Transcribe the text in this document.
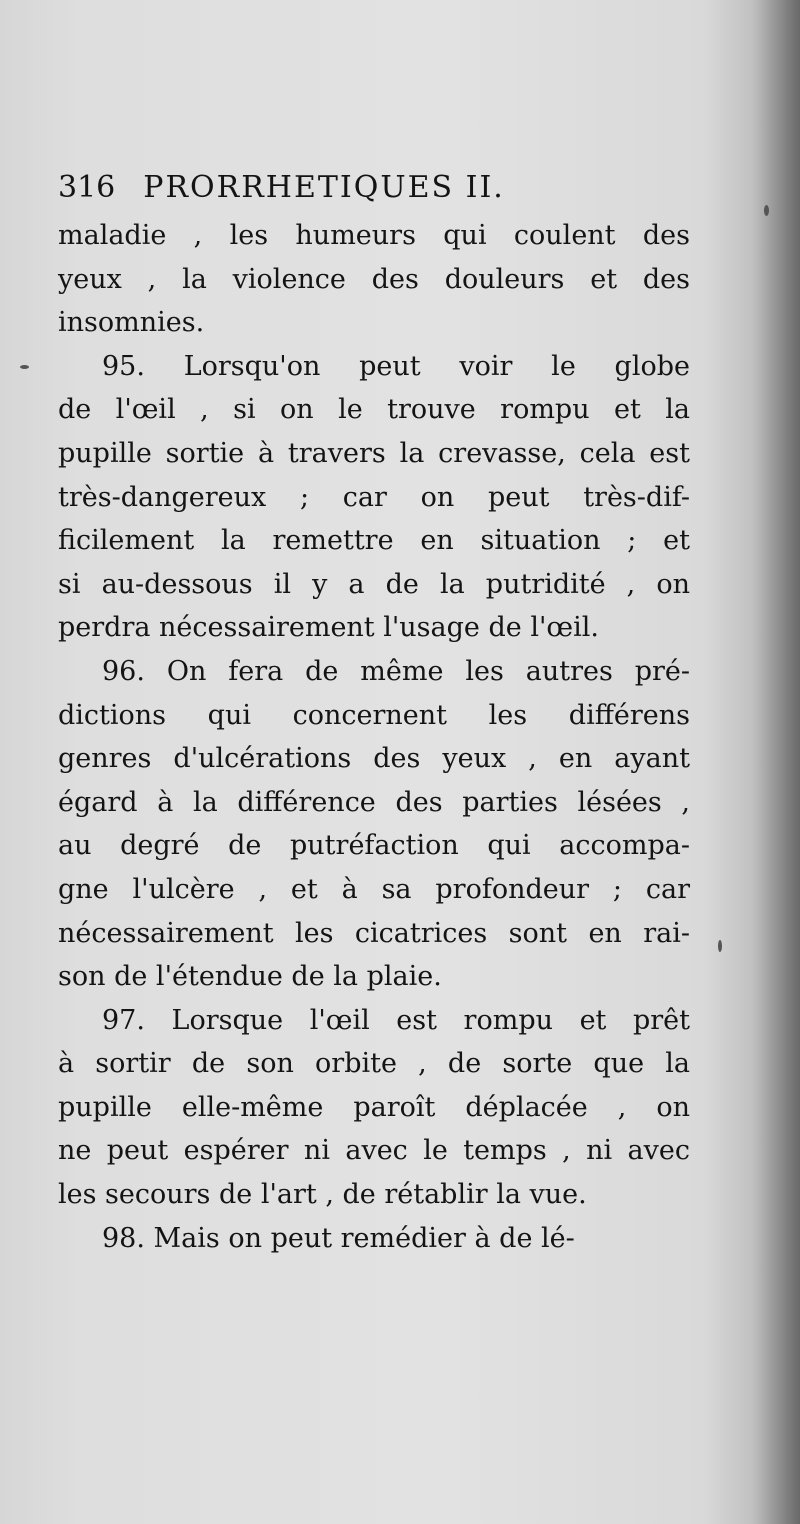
316 PRORRHETIQUES II.
maladie , les humeurs qui coulent des
yeux , la violence des douleurs et des
insomnies.
95. Lorsqu'on peut voir le globe
de l'œil , si on le trouve rompu et la
pupille sortie à travers la crevasse, cela est
très-dangereux ; car on peut très-dif-
ficilement la remettre en situation ; et
si au-dessous il y a de la putridité , on
perdra nécessairement l'usage de l'œil.
96. On fera de même les autres pré-
dictions qui concernent les différens
genres d'ulcérations des yeux , en ayant
égard à la différence des parties lésées ,
au degré de putréfaction qui accompa-
gne l'ulcère , et à sa profondeur ; car
nécessairement les cicatrices sont en rai-
son de l'étendue de la plaie.
97. Lorsque l'œil est rompu et prêt
à sortir de son orbite , de sorte que la
pupille elle-même paroît déplacée , on
ne peut espérer ni avec le temps , ni avec
les secours de l'art , de rétablir la vue.
98. Mais on peut remédier à de lé-
